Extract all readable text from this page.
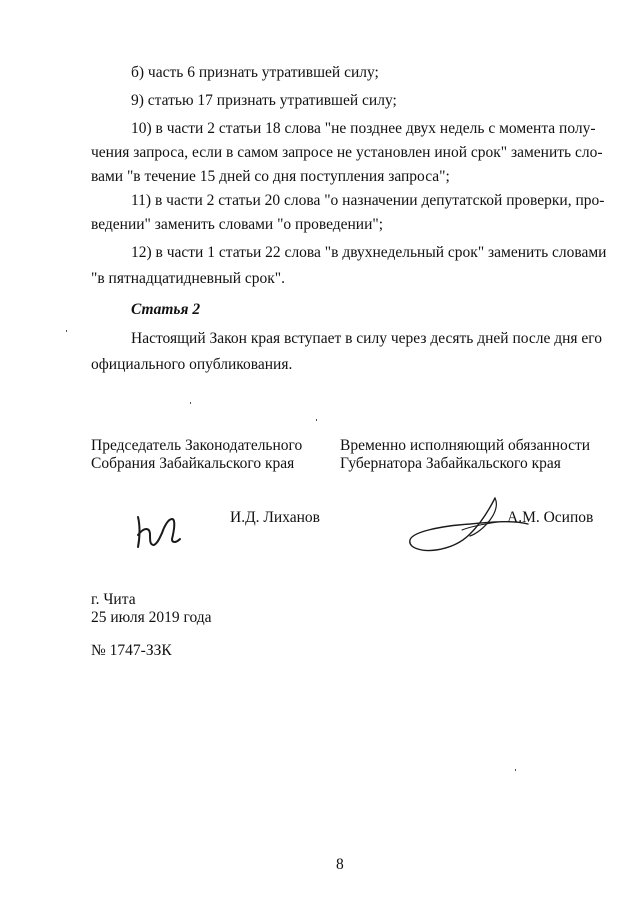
б) часть 6 признать утратившей силу;
9) статью 17 признать утратившей силу;
10) в части 2 статьи 18 слова "не позднее двух недель с момента полу-
чения запроса, если в самом запросе не установлен иной срок" заменить сло-
вами "в течение 15 дней со дня поступления запроса";
11) в части 2 статьи 20 слова "о назначении депутатской проверки, про-
ведении" заменить словами "о проведении";
12) в части 1 статьи 22 слова "в двухнедельный срок" заменить словами
"в пятнадцатидневный срок".
Статья 2
Настоящий Закон края вступает в силу через десять дней после дня его
официального опубликования.
Председатель Законодательного
Собрания Забайкальского края
Временно исполняющий обязанности
Губернатора Забайкальского края
И.Д. Лиханов	А.М. Осипов
г. Чита
25 июля 2019 года
№ 1747-ЗЗК
8
